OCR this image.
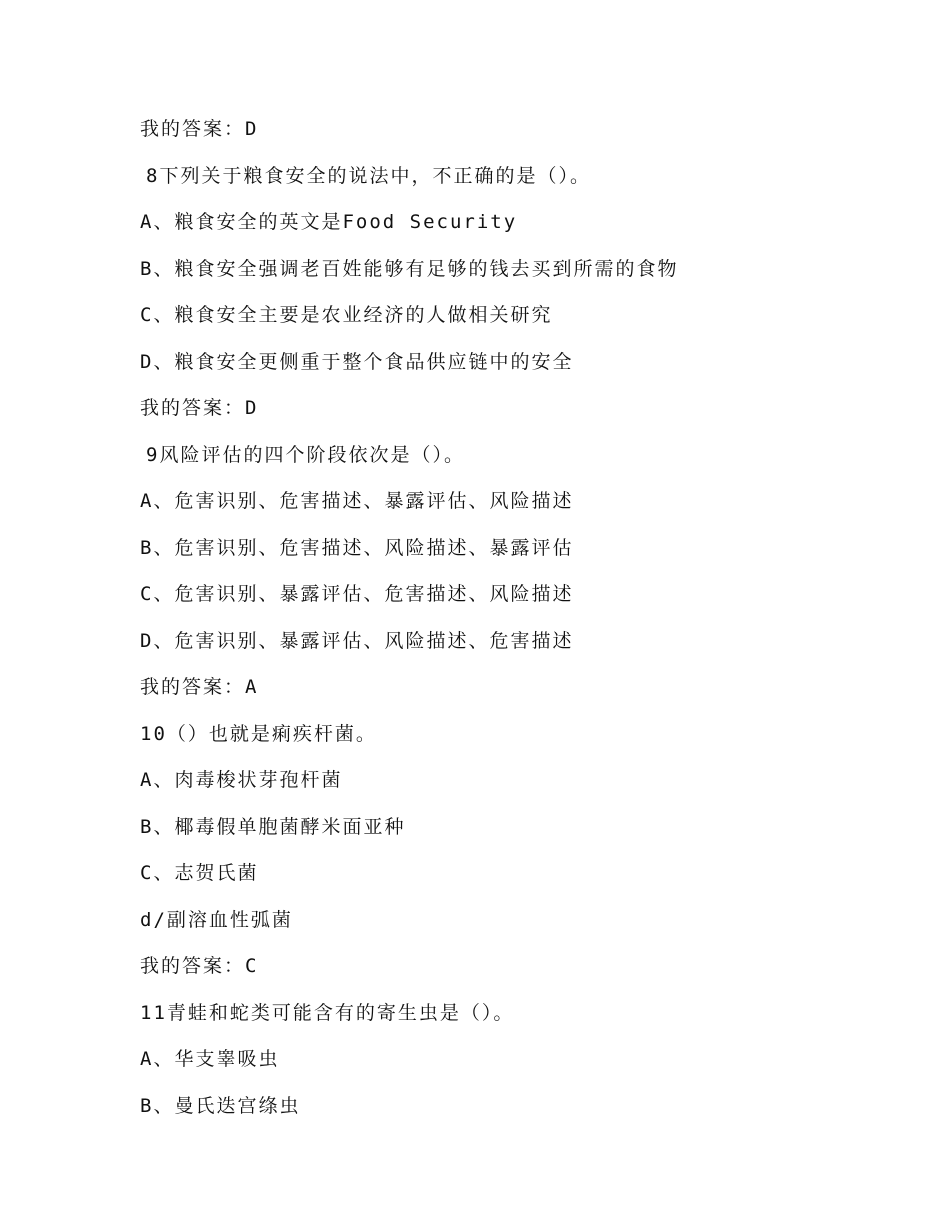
我的答案：D
8下列关于粮食安全的说法中，不正确的是（）。
A、粮食安全的英文是Food Security
B、粮食安全强调老百姓能够有足够的钱去买到所需的食物
C、粮食安全主要是农业经济的人做相关研究
D、粮食安全更侧重于整个食品供应链中的安全
我的答案：D
9风险评估的四个阶段依次是（）。
A、危害识别、危害描述、暴露评估、风险描述
B、危害识别、危害描述、风险描述、暴露评估
C、危害识别、暴露评估、危害描述、风险描述
D、危害识别、暴露评估、风险描述、危害描述
我的答案：A
10（）也就是痢疾杆菌。
A、肉毒梭状芽孢杆菌
B、椰毒假单胞菌酵米面亚种
C、志贺氏菌
d/副溶血性弧菌
我的答案：C
11青蛙和蛇类可能含有的寄生虫是（）。
A、华支睾吸虫
B、曼氏迭宫绦虫
